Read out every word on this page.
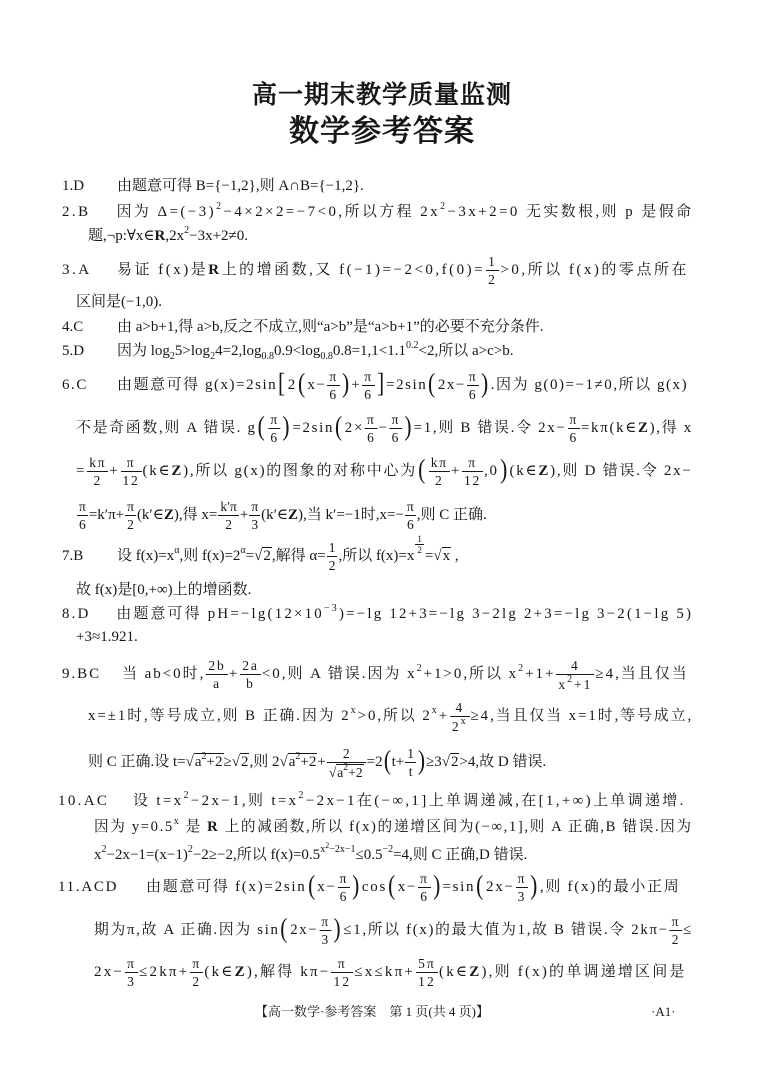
高一期末教学质量监测
数学参考答案
1.D 由题意可得 B={−1,2},则 A∩B={−1,2}.
2.B 因为 $\Delta=(-3)^2-4\times 2\times 2=-7<0$,所以方程 $2x^2-3x+2=0$ 无实数根,则 p 是假命
题$,\neg p:\forall x\in R,2x^2-3x+2\ne 0$.
3.A 易证 f(x)是R上的增函数,又 $f(-1)=-2<0,f(0)= \frac{1}{2} >0$,所以 f(x)的零点所在
区间是(−1,0).
4.C 由 a>b+1,得 a>b,反之不成立,则“a>b”是“a>b+1”的必要不充分条件.
5.D 因为 $\log_25>\log_24=2,\log_{0.8}0.9<\log_{0.8}0.8=1,1<1.1^{0.2}<2$,所以 a>c>b.
6.C 由题意可得 $g(x)=2\sin[2(x- \frac{\pi}{6}$ )+ $\frac{\pi}{6} ]=2\sin(2x- \frac{\pi}{6}$ ).因为 g(0)=−1≠0,所以 g(x)
不是奇函数,则 A 错误. $g( \frac{\pi}{6} )=2\sin(2\times \frac{\pi}{6} - \frac{\pi}{6} )=1$,则 B 错误.令 $2x- \frac{\pi}{6}$ =kπ(k∈Z),得 x
= $\frac{k\pi}{2} + \frac{\pi}{12}$ (k∈Z),所以 g(x)的图象的对称中心为( $\frac{k\pi}{2} + \frac{\pi}{12}$ ,0)(k∈Z),则 D 错误.令 2x−
$\frac{\pi}{6} =k'\pi+ \frac{\pi}{2}$ (k′∈Z),得 $x= \frac{k'\pi}{2} + \frac{\pi}{3}$ (k′∈Z),当 k′=−1时$,x=- \frac{\pi}{6}$ ,则 C 正确.
7.B 设 $f(x)=x^\alpha$,则 $f(x)=2^\alpha=√$ 2,解得 $\alpha= \frac{1}{2}$ ,所以 f(x)=x
$^{\frac{1}{2}}$
=√ x ,
故 f(x)是[0,+∞)上的增函数.
8.D 由题意可得 $pH=-\lg(12\times 10^{-3})=-\lg$ 12+3=−lg 3−2lg 2+3=−lg 3−2(1−lg 5)
+3≈1.921.
9.BC 当 ab<0时, $\frac{2b}{a} + \frac{2a}{b} <0$,则 A 错误.因为 $x^2+1>0$,所以 $x^2+1+ \frac{4}{x^2+1} \ge 4$,当且仅当
x=±1时,等号成立,则 B 正确.因为 $2^x>0$,所以 $2^x+ \frac{4}{2^x} \ge 4$,当且仅当 x=1时,等号成立,
则 C 正确.设 t=√ $a^2+2\ge√$ 2,则 2√ $a^2+2+ 2$
√ $a^2+2 =2(t+ \frac{1}{t} )\ge 3√$ 2>4,故 D 错误.
10.AC 设 $t=x^2-2x-1$,则 $t=x^2-2x-1$在(−∞,1]上单调递减,在[1,+∞)上单调递增.
因为 $y=0.5^x$ 是 R 上的减函数,所以 f(x)的递增区间为(−∞,1],则 A 正确,B 错误.因为
$x^2-2x-1=(x-1)^2-2\ge-2$,所以 $f(x)=0.5^{x^2-2x-1}\le 0.5^{-2}=4$,则 C 正确,D 错误.
11.ACD 由题意可得 $f(x)=2\sin(x- \frac{\pi}{6} )\cos(x- \frac{\pi}{6} )=\sin(2x- \frac{\pi}{3}$ ),则 f(x)的最小正周
期为π,故 A 正确.因为 $\sin(2x- \frac{\pi}{3} )\le 1$,所以 f(x)的最大值为1,故 B 错误.令 $2k\pi- \frac{\pi}{2}$ ≤
$2x- \frac{\pi}{3} \le 2k\pi+ \frac{\pi}{2}$ (k∈Z),解得 $k\pi- \frac{\pi}{12} \le x\le k\pi+ \frac{5\pi}{12}$ (k∈Z),则 f(x)的单调递增区间是
【高一数学·参考答案　第 1 页(共 4 页)】	·A1·
